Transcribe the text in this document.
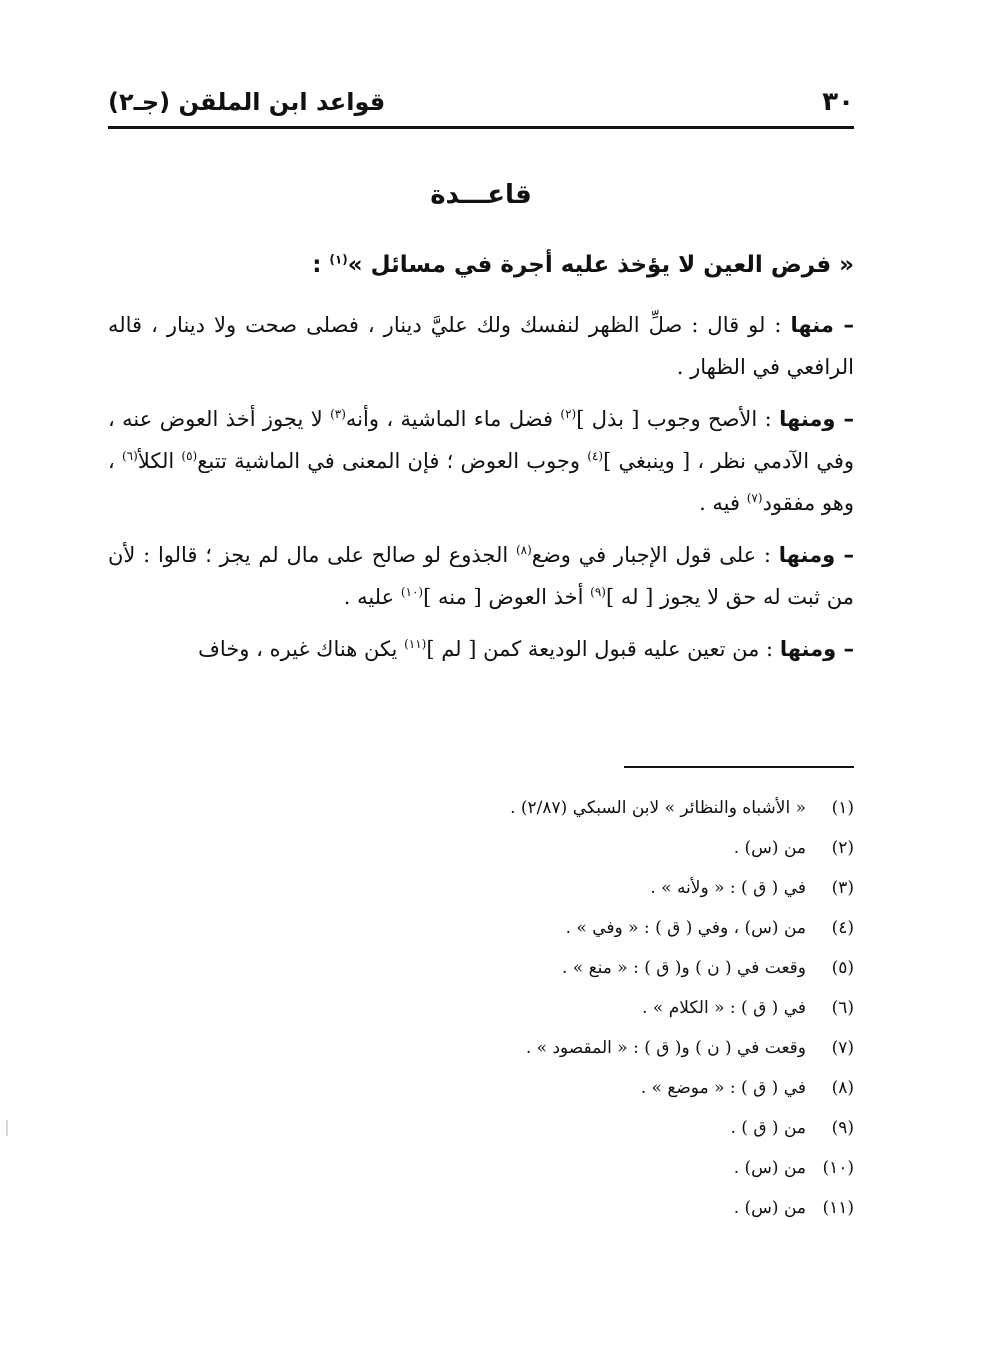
٣٠
قواعد ابن الملقن (جـ٢)
قاعـــدة
« فرض العين لا يؤخذ عليه أجرة في مسائل »$^{(١)}$ :

– منها : لو قال : صلِّ الظهر لنفسك ولك عليَّ دينار ، فصلى صحت ولا دينار ، قاله الرافعي في الظهار .

– ومنها : الأصح وجوب [ بذل ]$^{(٢)}$ فضل ماء الماشية ، وأنه$^{(٣)}$ لا يجوز أخذ العوض عنه ، وفي الآدمي نظر ، [ وينبغي ]$^{(٤)}$ وجوب العوض ؛ فإن المعنى في الماشية تتبع$^{(٥)}$ الكلأ$^{(٦)}$ ، وهو مفقود$^{(٧)}$ فيه .

– ومنها : على قول الإجبار في وضع$^{(٨)}$ الجذوع لو صالح على مال لم يجز ؛ قالوا : لأن من ثبت له حق لا يجوز [ له ]$^{(٩)}$ أخذ العوض [ منه ]$^{(١٠)}$ عليه .

– ومنها : من تعين عليه قبول الوديعة كمن [ لم ]$^{(١١)}$ يكن هناك غيره ، وخاف

(١)
« الأشباه والنظائر » لابن السبكي (٢/٨٧) .
(٢)
من (س) .
(٣)
في ( ق ) : « ولأنه » .
(٤)
من (س) ، وفي ( ق ) : « وفي » .
(٥)
وقعت في ( ن ) و( ق ) : « منع » .
(٦)
في ( ق ) : « الكلام » .
(٧)
وقعت في ( ن ) و( ق ) : « المقصود » .
(٨)
في ( ق ) : « موضع » .
(٩)
من ( ق ) .
(١٠)
من (س) .
(١١)
من (س) .
